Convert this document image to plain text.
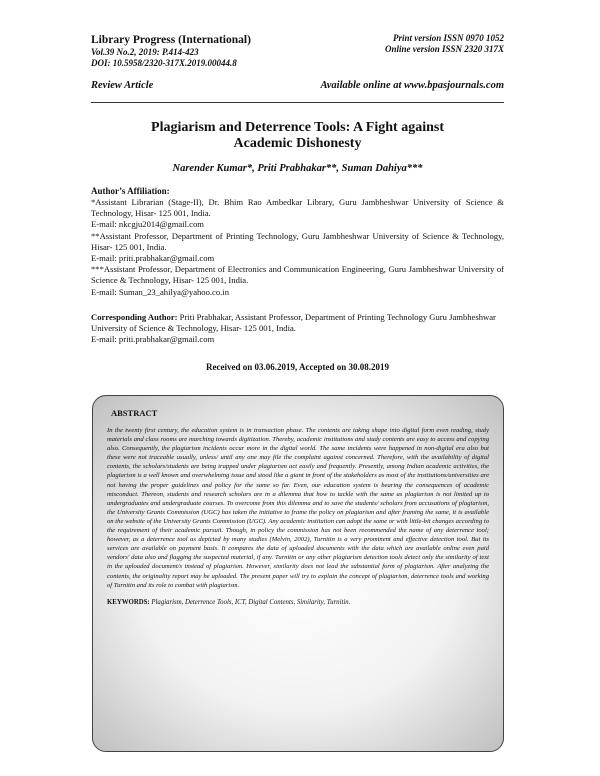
Library Progress (International)
Vol.39 No.2, 2019: P.414-423
DOI: 10.5958/2320-317X.2019.00044.8
Print version ISSN 0970 1052
Online version ISSN 2320 317X
Review Article	Available online at www.bpasjournals.com
Plagiarism and Deterrence Tools: A Fight against
Academic Dishonesty
Narender Kumar*, Priti Prabhakar**, Suman Dahiya***
Author’s Affiliation:

*Assistant Librarian (Stage-II), Dr. Bhim Rao Ambedkar Library, Guru Jambheshwar University of Science & Technology, Hisar- 125 001, India.

E-mail: nkcgju2014@gmail.com

**Assistant Professor, Department of Printing Technology, Guru Jambheshwar University of Science & Technology, Hisar- 125 001, India.

E-mail: priti.prabhakar@gmail.com

***Assistant Professor, Department of Electronics and Communication Engineering, Guru Jambheshwar University of Science & Technology, Hisar- 125 001, India.

E-mail: Suman_23_ahilya@yahoo.co.in

Corresponding Author: Priti Prabhakar, Assistant Professor, Department of Printing Technology Guru Jambheshwar University of Science & Technology, Hisar- 125 001, India.

E-mail: priti.prabhakar@gmail.com

Received on 03.06.2019, Accepted on 30.08.2019
ABSTRACT

In the twenty first century, the education system is in transaction phase. The contents are taking shape into digital form even reading, study materials and class rooms are marching towards digitization. Thereby, academic institutions and study contents are easy to access and copying also. Consequently, the plagiarism incidents occur more in the digital world. The same incidents were happened in non-digital era also but these were not traceable usually, unless/ until any one may file the complaint against concerned. Therefore, with the availability of digital contents, the scholars/students are being trapped under plagiarism act easily and frequently. Presently, among Indian academic activities, the plagiarism is a well known and overwhelming issue and stood like a giant in front of the stakeholders as most of the institutions/universities are not having the proper guidelines and policy for the same so far. Even, our education system is bearing the consequences of academic misconduct. Thereon, students and research scholars are in a dilemma that how to tackle with the same as plagiarism is not limited up to undergraduates and undergraduate courses. To overcome from this dilemma and to save the students/ scholars from accusations of plagiarism, the University Grants Commission (UGC) has taken the initiative to frame the policy on plagiarism and after framing the same, it is available on the website of the University Grants Commission (UGC). Any academic institution can adopt the same or with little-bit changes according to the requirement of their academic pursuit. Though, in policy the commission has not been recommended the name of any deterrence tool; however, as a deterrence tool as depicted by many studies (Melvin, 2002), Turnitin is a very prominent and effective detection tool. But its services are available on payment basis. It compares the data of uploaded documents with the data which are available online even paid vendors' data also and flagging the suspected material, if any. Turnitin or any other plagiarism detection tools detect only the similarity of text in the uploaded document/s instead of plagiarism. However, similarity does not lead the substantial form of plagiarism. After analyzing the contents, the originality report may be uploaded. The present paper will try to explain the concept of plagiarism, deterrence tools and working of Turnitin and its role to combat with plagiarism.

KEYWORDS: Plagiarism, Deterrence Tools, ICT, Digital Contents, Similarity, Turnitin.
